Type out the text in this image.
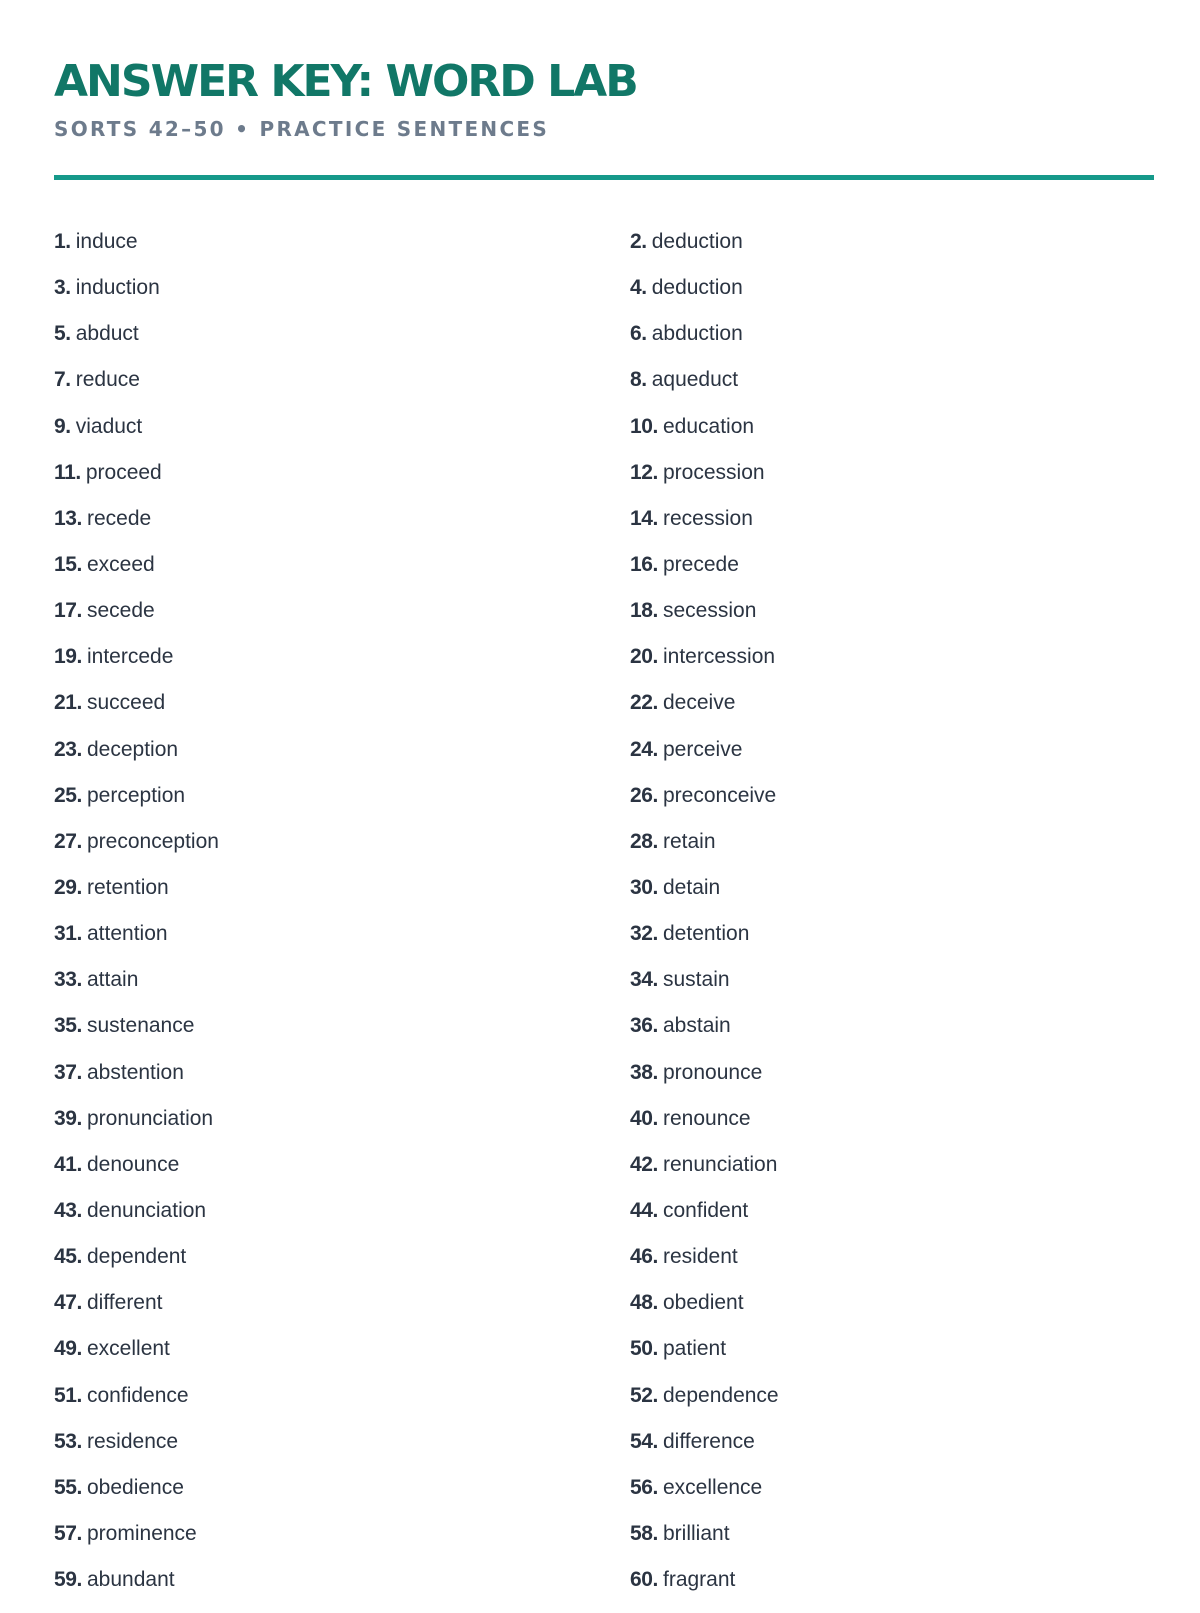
ANSWER KEY: WORD LAB
SORTS 42–50 • PRACTICE SENTENCES
1. induce	2. deduction
3. induction	4. deduction
5. abduct	6. abduction
7. reduce	8. aqueduct
9. viaduct	10. education
11. proceed	12. procession
13. recede	14. recession
15. exceed	16. precede
17. secede	18. secession
19. intercede	20. intercession
21. succeed	22. deceive
23. deception	24. perceive
25. perception	26. preconceive
27. preconception	28. retain
29. retention	30. detain
31. attention	32. detention
33. attain	34. sustain
35. sustenance	36. abstain
37. abstention	38. pronounce
39. pronunciation	40. renounce
41. denounce	42. renunciation
43. denunciation	44. confident
45. dependent	46. resident
47. different	48. obedient
49. excellent	50. patient
51. confidence	52. dependence
53. residence	54. difference
55. obedience	56. excellence
57. prominence	58. brilliant
59. abundant	60. fragrant
